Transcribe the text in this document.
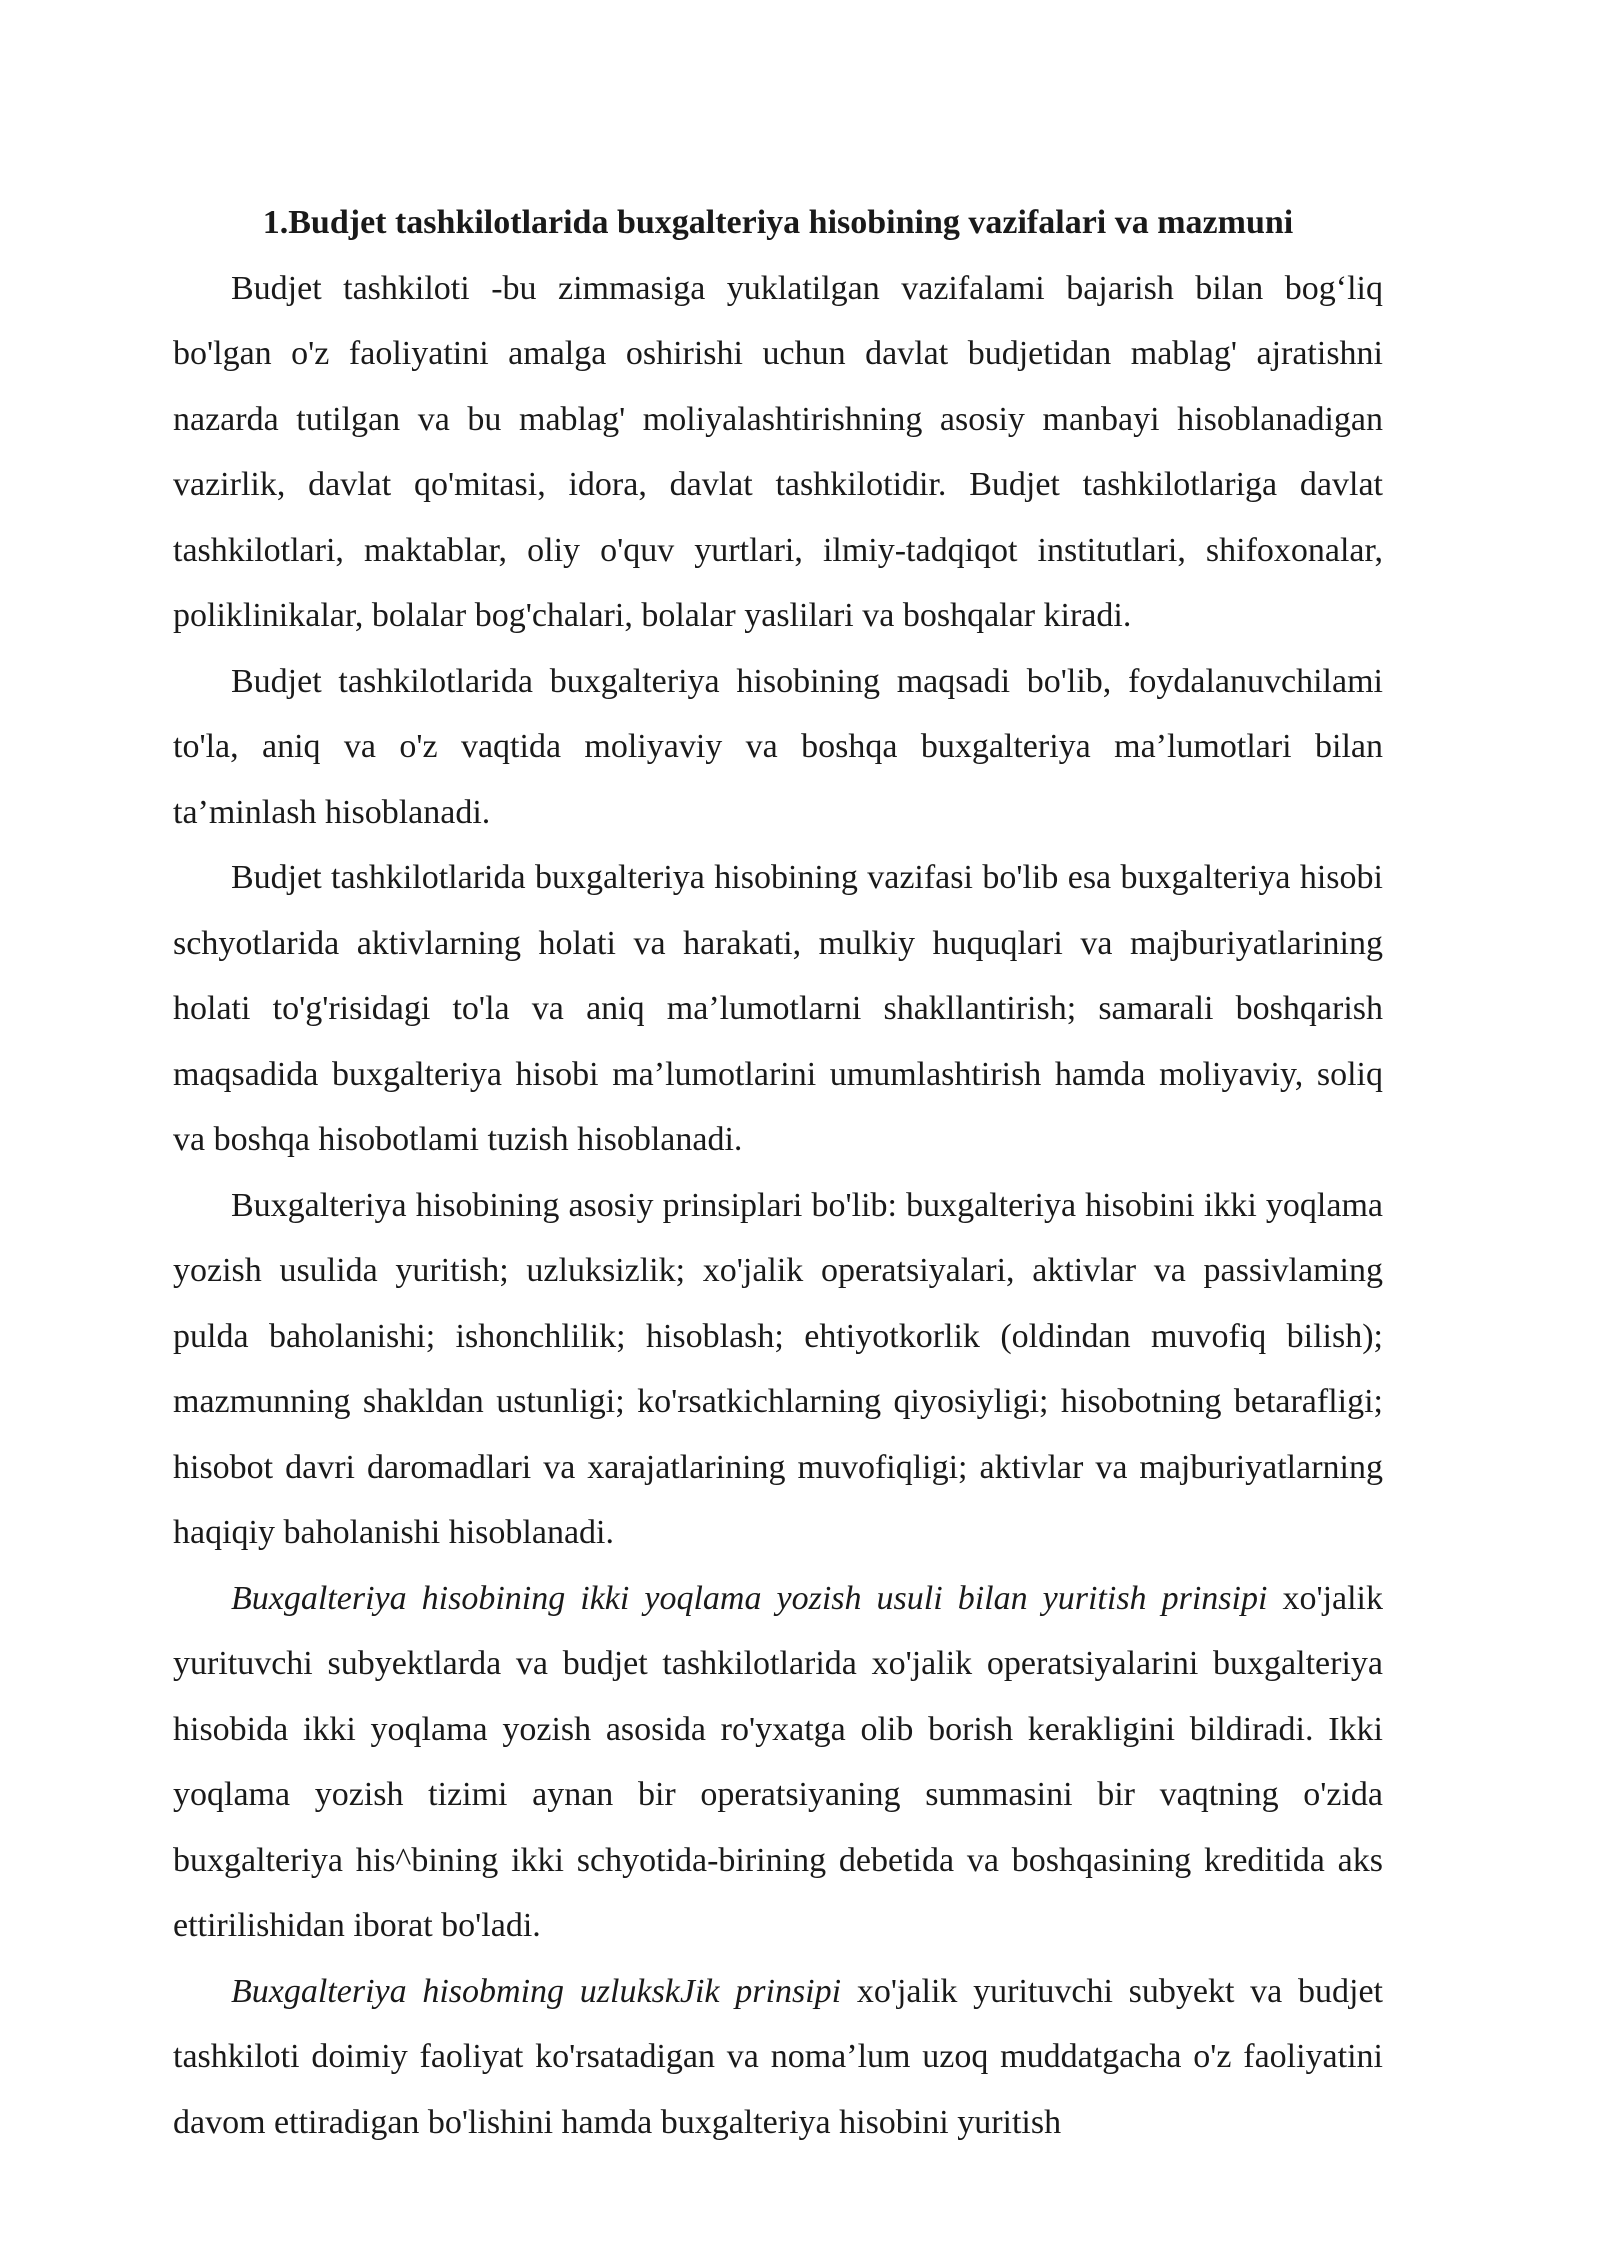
1.Budjet tashkilotlarida buxgalteriya hisobining vazifalari va mazmuni

Budjet tashkiloti -bu zimmasiga yuklatilgan vazifalami bajarish bilan bog‘liq bo'lgan o'z faoliyatini amalga oshirishi uchun davlat budjetidan mablag' ajratishni nazarda tutilgan va bu mablag' moliyalashtirishning asosiy manbayi hisoblanadigan vazirlik, davlat qo'mitasi, idora, davlat tashkilotidir. Budjet tashkilotlariga davlat tashkilotlari, maktablar, oliy o'quv yurtlari, ilmiy-tadqiqot institutlari, shifoxonalar, poliklinikalar, bolalar bog'chalari, bolalar yaslilari va boshqalar kiradi.

Budjet tashkilotlarida buxgalteriya hisobining maqsadi bo'lib, foydalanuvchilami to'la, aniq va o'z vaqtida moliyaviy va boshqa buxgalteriya ma’lumotlari bilan ta’minlash hisoblanadi.

Budjet tashkilotlarida buxgalteriya hisobining vazifasi bo'lib esa buxgalteriya hisobi schyotlarida aktivlarning holati va harakati, mulkiy huquqlari va majburiyatlarining holati to'g'risidagi to'la va aniq ma’lumotlarni shakllantirish; samarali boshqarish maqsadida buxgalteriya hisobi ma’lumotlarini umumlashtirish hamda moliyaviy, soliq va boshqa hisobotlami tuzish hisoblanadi.

Buxgalteriya hisobining asosiy prinsiplari bo'lib: buxgalteriya hisobini ikki yoqlama yozish usulida yuritish; uzluksizlik; xo'jalik operatsiyalari, aktivlar va passivlaming pulda baholanishi; ishonchlilik; hisoblash; ehtiyotkorlik (oldindan muvofiq bilish); mazmunning shakldan ustunligi; ko'rsatkichlarning qiyosiyligi; hisobotning betarafligi; hisobot davri daromadlari va xarajatlarining muvofiqligi; aktivlar va majburiyatlarning haqiqiy baholanishi hisoblanadi.

Buxgalteriya hisobining ikki yoqlama yozish usuli bilan yuritish prinsipi xo'jalik yurituvchi subyektlarda va budjet tashkilotlarida xo'jalik operatsiyalarini buxgalteriya hisobida ikki yoqlama yozish asosida ro'yxatga olib borish kerakligini bildiradi. Ikki yoqlama yozish tizimi aynan bir operatsiyaning summasini bir vaqtning o'zida buxgalteriya his^bining ikki schyotida-birining debetida va boshqasining kreditida aks ettirilishidan iborat bo'ladi.

Buxgalteriya hisobming uzlukskJik prinsipi xo'jalik yurituvchi subyekt va budjet tashkiloti doimiy faoliyat ko'rsatadigan va noma’lum uzoq muddatgacha o'z faoliyatini davom ettiradigan bo'lishini hamda buxgalteriya hisobini yuritish
